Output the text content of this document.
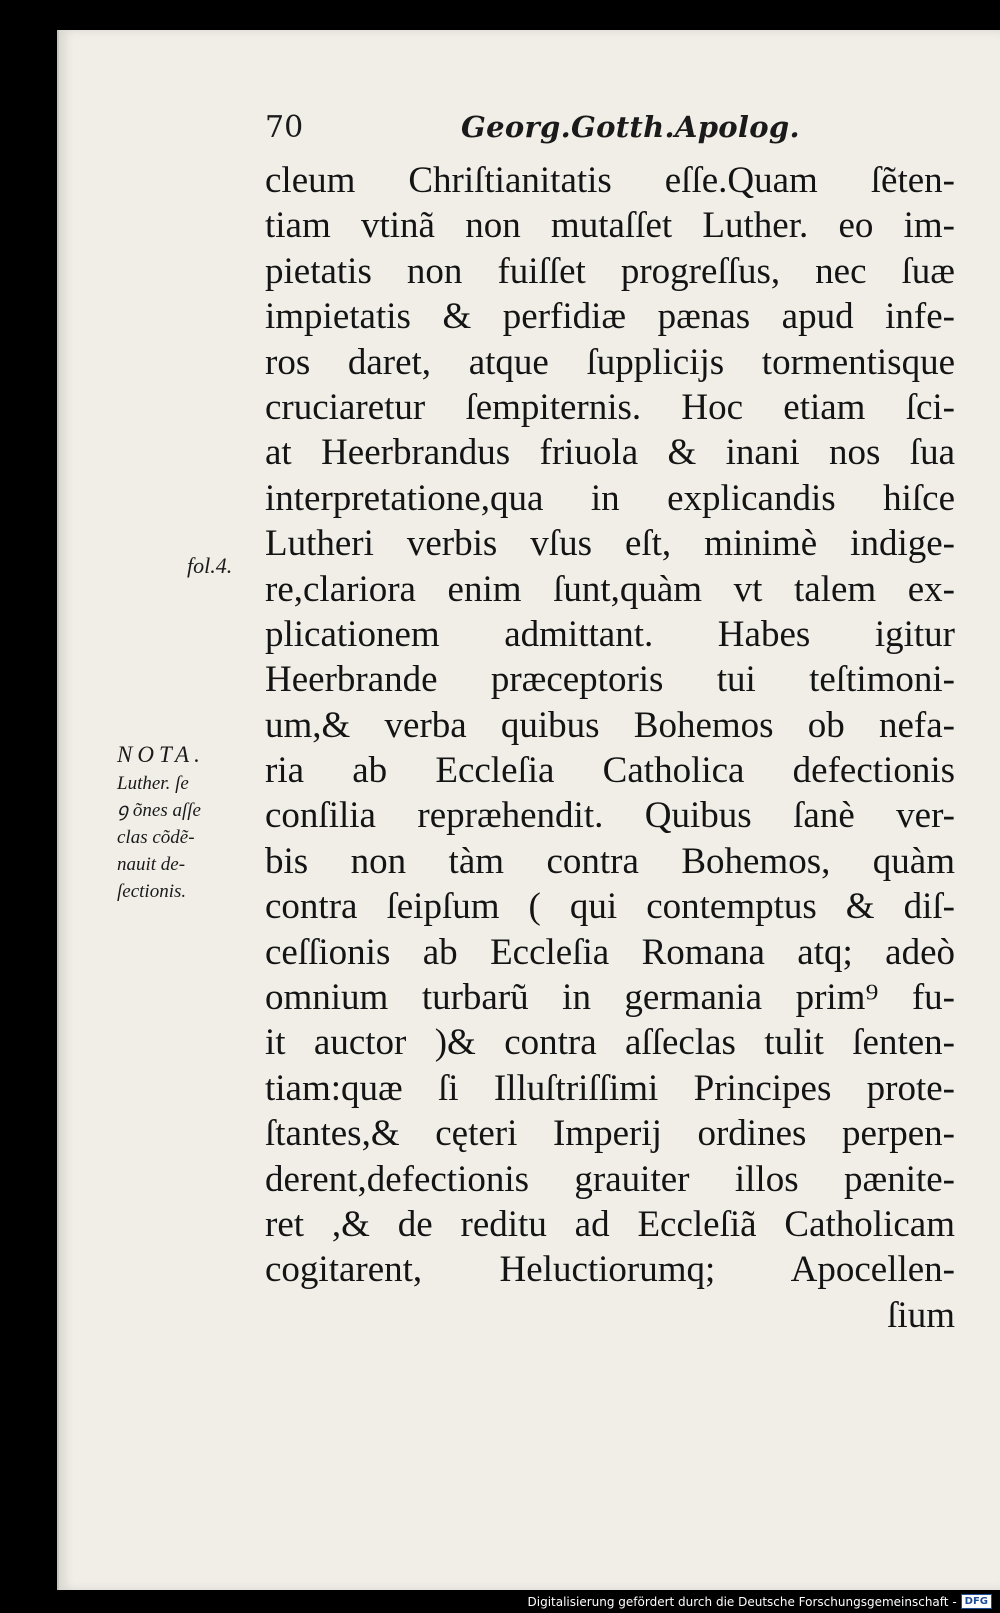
70	Georg.Gotth.Apolog.
cleum Chriſtianitatis eſſe.Quam ſẽten-
tiam vtinã non mutaſſet Luther. eo im-
pietatis non fuiſſet progreſſus, nec ſuæ
impietatis & perfidiæ pænas apud infe-
ros daret, atque ſupplicijs tormentisque
cruciaretur ſempiternis. Hoc etiam ſci-
at Heerbrandus friuola & inani nos ſua
interpretatione,qua in explicandis hiſce
Lutheri verbis vſus eſt, minimè indige-
re,clariora enim ſunt,quàm vt talem ex-
plicationem admittant. Habes igitur
Heerbrande præceptoris tui teſtimoni-
um,& verba quibus Bohemos ob nefa-
ria ab Eccleſia Catholica defectionis
conſilia repræhendit. Quibus ſanè ver-
bis non tàm contra Bohemos, quàm
contra ſeipſum ( qui contemptus & diſ-
ceſſionis ab Eccleſia Romana atq; adeò
omnium turbarũ in germania prim⁹ fu-
it auctor )& contra aſſeclas tulit ſenten-
tiam:quæ ſi Illuſtriſſimi Principes prote-
ſtantes,& cęteri Imperij ordines perpen-
derent,defectionis grauiter illos pænite-
ret ,& de reditu ad Eccleſiã Catholicam
cogitarent, Heluctiorumq; Apocellen-
ſium
fol.4.
NOTA.
Luther. ſe
ꝯ õnes aſſe
clas cõdẽ-
nauit de-
ſectionis.
Digitalisierung gefördert durch die Deutsche Forschungsgemeinschaft - DFG
